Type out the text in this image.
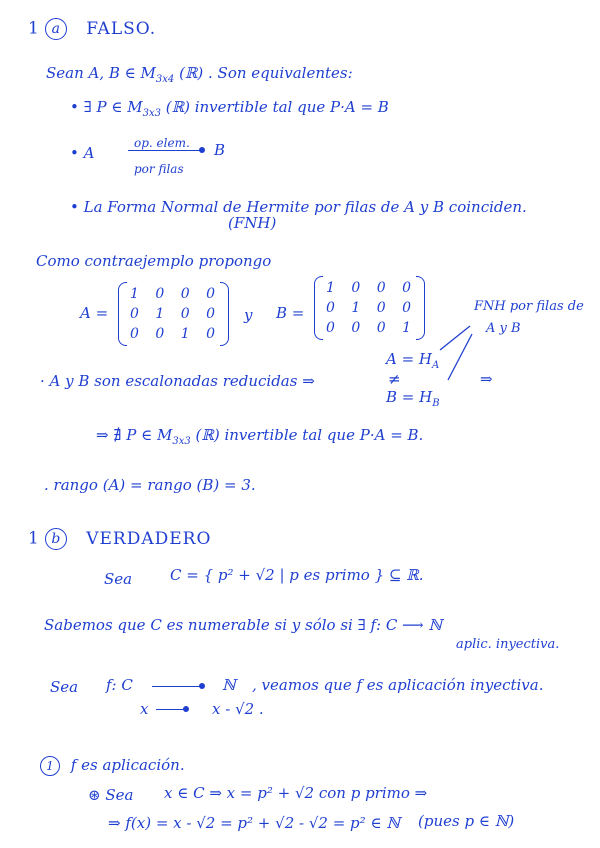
1 a FALSO.
Sean A, B ∈ $M_{3x4}$ (ℝ) . Son equivalentes:
• ∃ P ∈ $M_{3x3}$ (ℝ) invertible tal que P·A = B
• A
op. elem.
por filas
B
• La Forma Normal de Hermite por filas de A y B coinciden.
(FNH)
Como contraejemplo propongo
A =
1 0 0 0
0 1 0 0
0 0 1 0
y B =
1 0 0 0
0 1 0 0
0 0 0 1
FNH por filas de
A y B
· A y B son escalonadas reducidas ⇒
$A = H_A$
≠
$B = H_B$
⇒
⇒ ∄ P ∈ $M_{3x3}$ (ℝ) invertible tal que P·A = B.
. rango (A) = rango (B) = 3.
1 b VERDADERO
Sea	C = { p² + √2 | p es primo } ⊆ ℝ.
Sabemos que C es numerable si y sólo si ∃ f: C ⟶ ℕ
aplic. inyectiva.
Sea f: C	ℕ , veamos que f es aplicación inyectiva.
x	x - √2 .
1 f es aplicación.
⊛ Sea x ∈ C ⇒ x = p² + √2 con p primo ⇒
⇒ f(x) = x - √2 = p² + √2 - √2 = p² ∈ ℕ (pues p ∈ ℕ)
